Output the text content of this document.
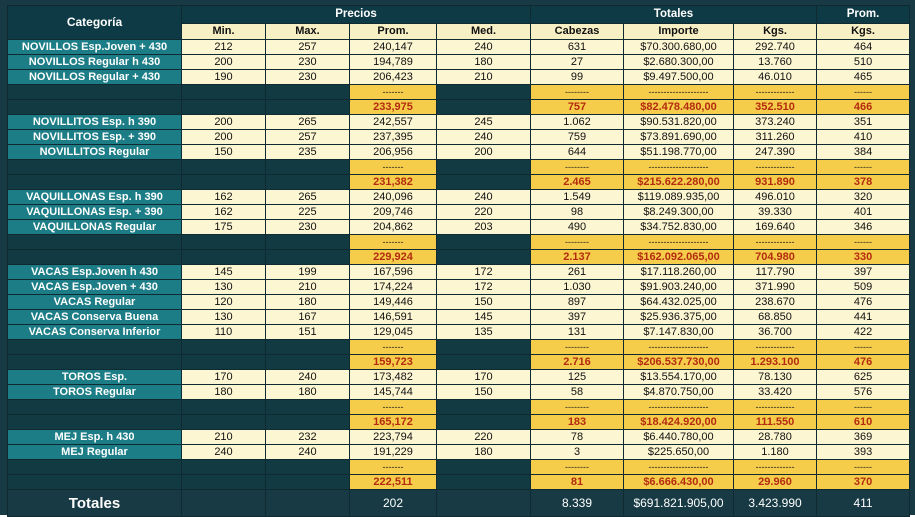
Categoría	Precios				Totales			Prom.
	Min.	Max.	Prom.	Med.	Cabezas	Importe	Kgs.	Kgs.
NOVILLOS Esp.Joven + 430	212	257	240,147	240	631	$70.300.680,00	292.740	464
NOVILLOS Regular h 430	200	230	194,789	180	27	$2.680.300,00	13.760	510
NOVILLOS Regular + 430	190	230	206,423	210	99	$9.497.500,00	46.010	465
			-------		--------	--------------------	-------------	------
			233,975		757	$82.478.480,00	352.510	466
NOVILLITOS Esp. h 390	200	265	242,557	245	1.062	$90.531.820,00	373.240	351
NOVILLITOS Esp. + 390	200	257	237,395	240	759	$73.891.690,00	311.260	410
NOVILLITOS Regular	150	235	206,956	200	644	$51.198.770,00	247.390	384
			-------		--------	--------------------	-------------	------
			231,382		2.465	$215.622.280,00	931.890	378
VAQUILLONAS Esp. h 390	162	265	240,096	240	1.549	$119.089.935,00	496.010	320
VAQUILLONAS Esp. + 390	162	225	209,746	220	98	$8.249.300,00	39.330	401
VAQUILLONAS Regular	175	230	204,862	203	490	$34.752.830,00	169.640	346
			-------		--------	--------------------	-------------	------
			229,924		2.137	$162.092.065,00	704.980	330
VACAS Esp.Joven h 430	145	199	167,596	172	261	$17.118.260,00	117.790	397
VACAS Esp.Joven + 430	130	210	174,224	172	1.030	$91.903.240,00	371.990	509
VACAS Regular	120	180	149,446	150	897	$64.432.025,00	238.670	476
VACAS Conserva Buena	130	167	146,591	145	397	$25.936.375,00	68.850	441
VACAS Conserva Inferior	110	151	129,045	135	131	$7.147.830,00	36.700	422
			-------		--------	--------------------	-------------	------
			159,723		2.716	$206.537.730,00	1.293.100	476
TOROS Esp.	170	240	173,482	170	125	$13.554.170,00	78.130	625
TOROS Regular	180	180	145,744	150	58	$4.870.750,00	33.420	576
			-------		--------	--------------------	-------------	------
			165,172		183	$18.424.920,00	111.550	610
MEJ Esp. h 430	210	232	223,794	220	78	$6.440.780,00	28.780	369
MEJ Regular	240	240	191,229	180	3	$225.650,00	1.180	393
			-------		--------	--------------------	-------------	------
			222,511		81	$6.666.430,00	29.960	370
Totales			202		8.339	$691.821.905,00	3.423.990	411
